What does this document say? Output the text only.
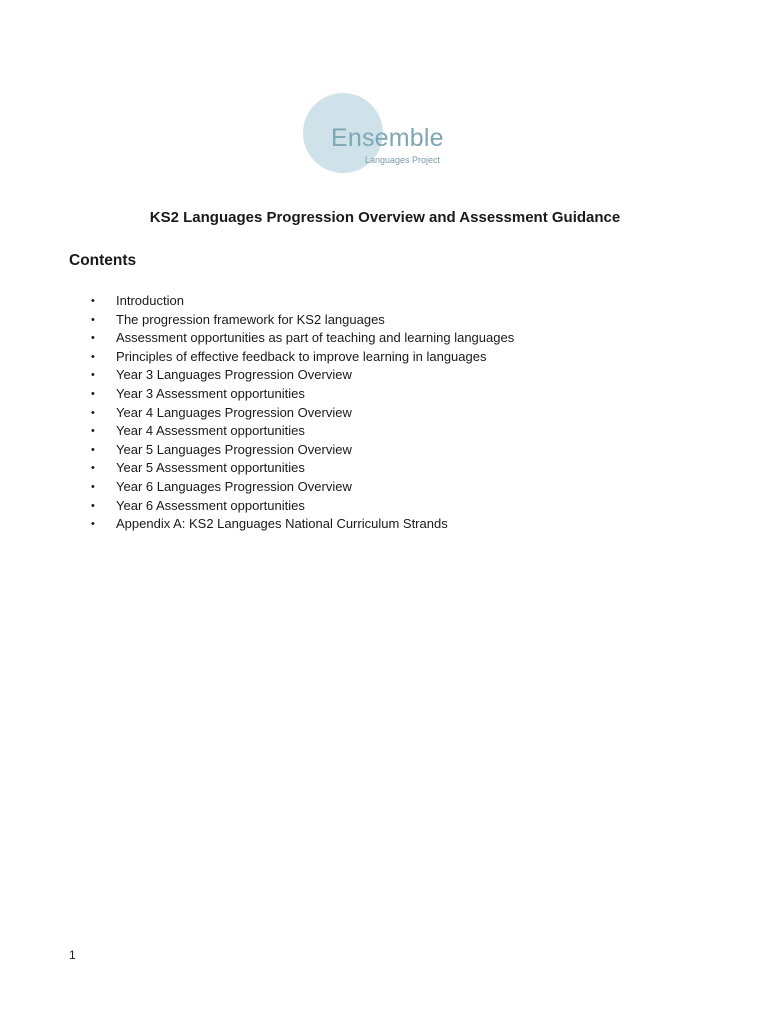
Ensemble
Languages Project
KS2 Languages Progression Overview and Assessment Guidance
Contents
• Introduction
• The progression framework for KS2 languages
• Assessment opportunities as part of teaching and learning languages
• Principles of effective feedback to improve learning in languages
• Year 3 Languages Progression Overview
• Year 3 Assessment opportunities
• Year 4 Languages Progression Overview
• Year 4 Assessment opportunities
• Year 5 Languages Progression Overview
• Year 5 Assessment opportunities
• Year 6 Languages Progression Overview
• Year 6 Assessment opportunities
• Appendix A: KS2 Languages National Curriculum Strands
1
